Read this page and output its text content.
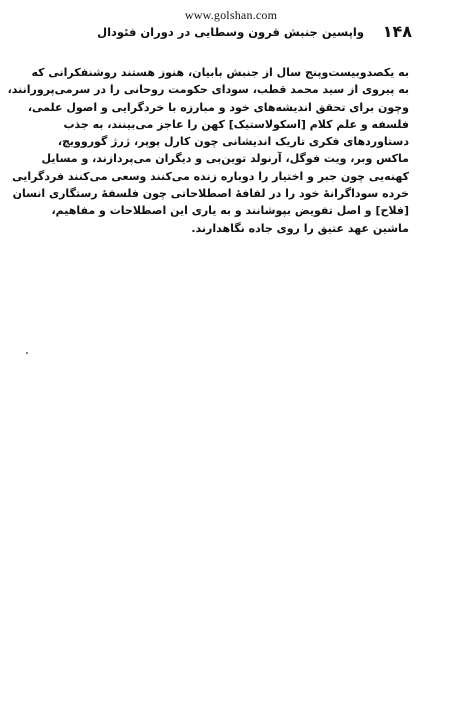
www.golshan.com
۱۴۸
واپسین جنبش قرون وسطایی در دوران فئودال
به یکصدوبیست‌وپنج سال از جنبش بابیان، هنوز هستند روشنفکرانی که
به پیروی از سید محمد قطب، سودای حکومت روحانی را در سرمی‌پرورانند،
وچون برای تحقق اندیشه‌های خود و مبارزه با خردگرایی و اصول علمی،
فلسفه و علم کلام [اسکولاستیک] کهن را عاجز می‌بینند، به جذب
دستاوردهای فکری تاریک اندیشانی چون کارل پوپر، ژرژ گوروویچ،
ماکس وبر، ویت فوگل، آرنولد توین‌بی و دیگران می‌پردازند، و مسایل
کهنه‌یی چون جبر و اختیار را دوباره زنده می‌کنند وسعی می‌کنند فردگرایی
خرده سوداگرانهٔ خود را در لفافهٔ اصطلاحاتی چون فلسفهٔ رستگاری انسان
[فلاح] و اصل تفویض بپوشانند و به یاری این اصطلاحات و مفاهیم،
ماشین عهد عتیق را روی جاده نگاهدارند.
